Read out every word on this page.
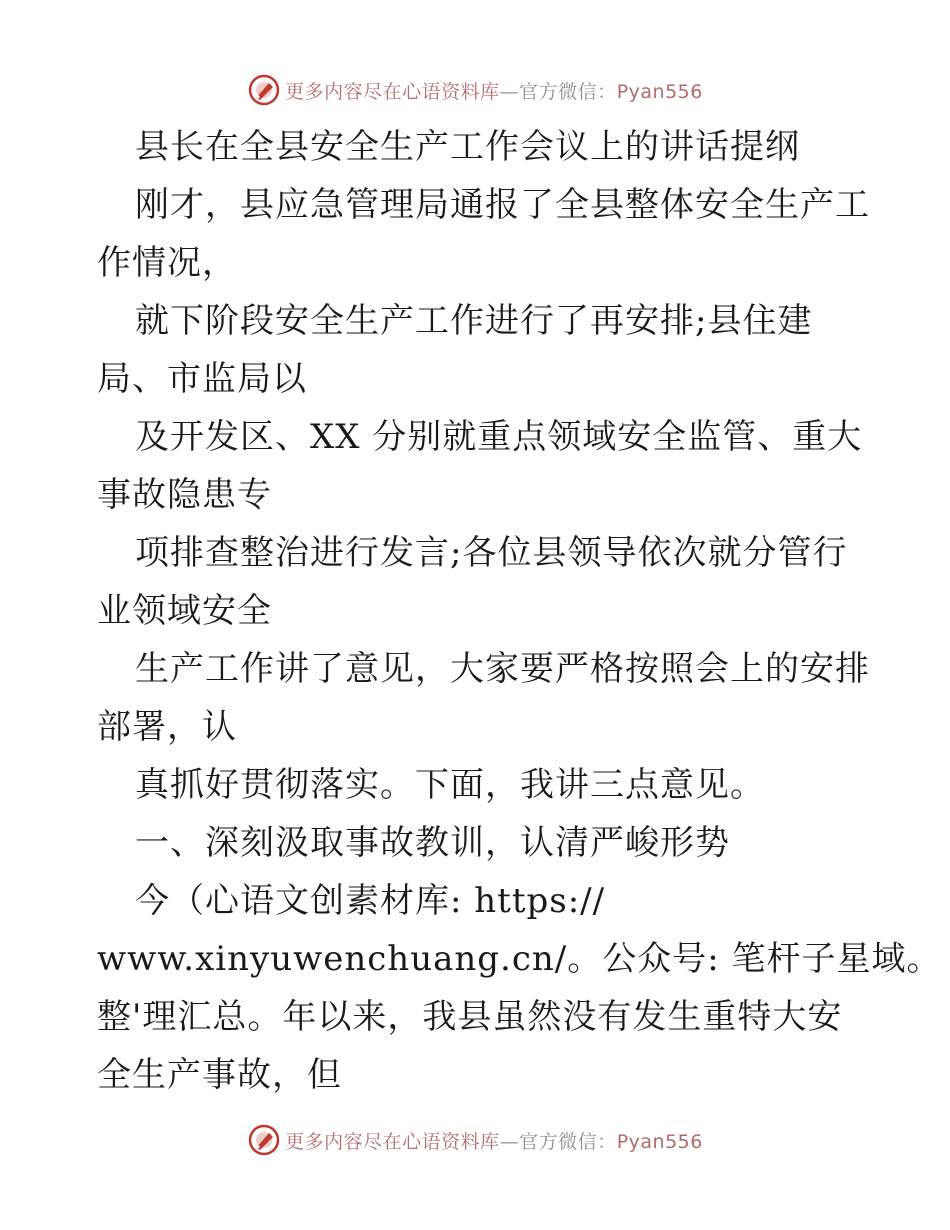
更多内容尽在心语资料库—官方微信：Pyan556
县长在全县安全生产工作会议上的讲话提纲
刚才，县应急管理局通报了全县整体安全生产工
作情况，
就下阶段安全生产工作进行了再安排;县住建
局、市监局以
及开发区、XX 分别就重点领域安全监管、重大
事故隐患专
项排查整治进行发言;各位县领导依次就分管行
业领域安全
生产工作讲了意见，大家要严格按照会上的安排
部署，认
真抓好贯彻落实。下面，我讲三点意见。
一、深刻汲取事故教训，认清严峻形势
今（心语文创素材库: https://
www.xinyuwenchuang.cn/。公众号: 笔杆子星域。
整'理汇总。年以来，我县虽然没有发生重特大安
全生产事故，但
更多内容尽在心语资料库—官方微信：Pyan556
